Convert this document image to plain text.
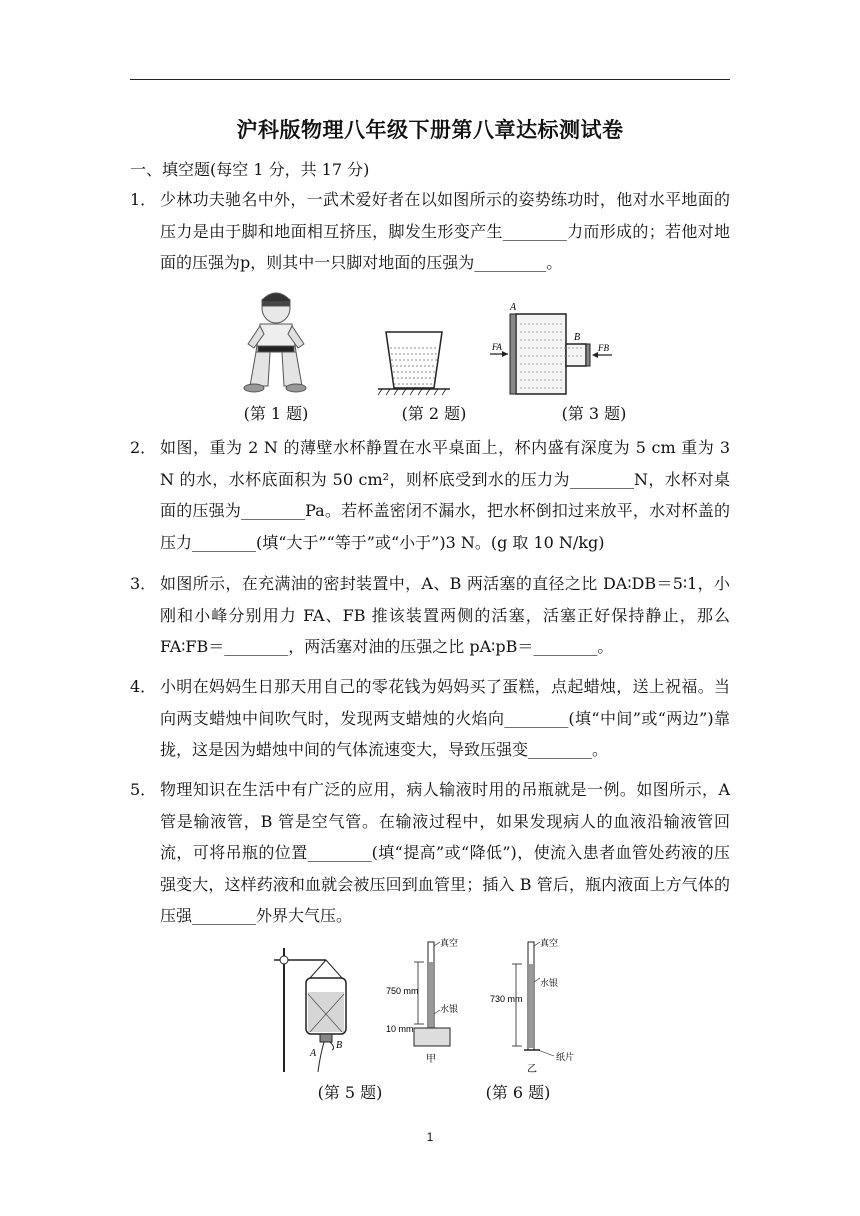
沪科版物理八年级下册第八章达标测试卷
一、填空题(每空 1 分，共 17 分)
1． 少林功夫驰名中外，一武术爱好者在以如图所示的姿势练功时，他对水平地面的压力是由于脚和地面相互挤压，脚发生形变产生________力而形成的；若他对地面的压强为p，则其中一只脚对地面的压强为_________。
A
B
FA	FB
(第 1 题)	(第 2 题)	(第 3 题)
2． 如图，重为 2 N 的薄壁水杯静置在水平桌面上，杯内盛有深度为 5 cm 重为 3 N 的水，水杯底面积为 50 cm²，则杯底受到水的压力为________N，水杯对桌面的压强为________Pa。若杯盖密闭不漏水，把水杯倒扣过来放平，水对杯盖的压力________(填“大于”“等于”或“小于”)3 N。(g 取 10 N/kg)
3． 如图所示，在充满油的密封装置中，A、B 两活塞的直径之比 DA∶DB＝5∶1，小刚和小峰分别用力 FA、FB 推该装置两侧的活塞，活塞正好保持静止，那么 FA∶FB＝________，两活塞对油的压强之比 pA∶pB＝________。
4． 小明在妈妈生日那天用自己的零花钱为妈妈买了蛋糕，点起蜡烛，送上祝福。当向两支蜡烛中间吹气时，发现两支蜡烛的火焰向________(填“中间”或“两边”)靠拢，这是因为蜡烛中间的气体流速变大，导致压强变________。
5． 物理知识在生活中有广泛的应用，病人输液时用的吊瓶就是一例。如图所示，A 管是输液管，B 管是空气管。在输液过程中，如果发现病人的血液沿输液管回流，可将吊瓶的位置________(填“提高”或“降低”)，使流入患者血管处药液的压强变大，这样药液和血就会被压回到血管里；插入 B 管后，瓶内液面上方气体的压强________外界大气压。
A
B
真空
750 mm
水银
10 mm
甲
真空
730 mm
水银
纸片
乙
(第 5 题)	(第 6 题)
1
